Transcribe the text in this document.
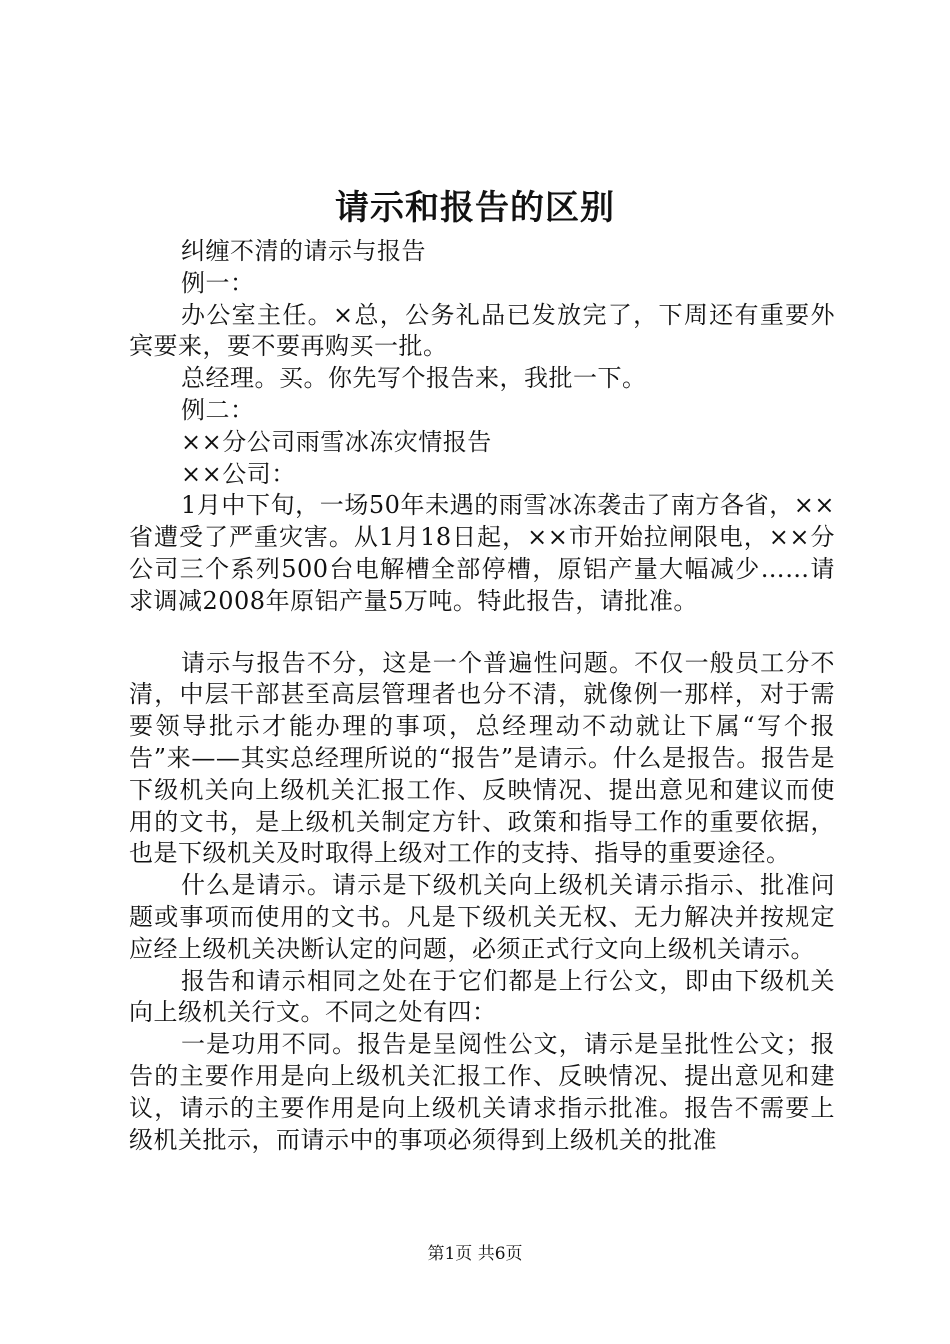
请示和报告的区别

纠缠不清的请示与报告

例一：

办公室主任。×总，公务礼品已发放完了，下周还有重要外宾要来，要不要再购买一批。

总经理。买。你先写个报告来，我批一下。

例二：

××分公司雨雪冰冻灾情报告

××公司：

1月中下旬，一场50年未遇的雨雪冰冻袭击了南方各省，××省遭受了严重灾害。从1月18日起，××市开始拉闸限电，××分公司三个系列500台电解槽全部停槽，原铝产量大幅减少……请求调减2008年原铝产量5万吨。特此报告，请批准。

请示与报告不分，这是一个普遍性问题。不仅一般员工分不清，中层干部甚至高层管理者也分不清，就像例一那样，对于需要领导批示才能办理的事项，总经理动不动就让下属“写个报告”来——其实总经理所说的“报告”是请示。什么是报告。报告是下级机关向上级机关汇报工作、反映情况、提出意见和建议而使用的文书，是上级机关制定方针、政策和指导工作的重要依据，也是下级机关及时取得上级对工作的支持、指导的重要途径。

什么是请示。请示是下级机关向上级机关请示指示、批准问题或事项而使用的文书。凡是下级机关无权、无力解决并按规定应经上级机关决断认定的问题，必须正式行文向上级机关请示。

报告和请示相同之处在于它们都是上行公文，即由下级机关向上级机关行文。不同之处有四：

一是功用不同。报告是呈阅性公文，请示是呈批性公文；报告的主要作用是向上级机关汇报工作、反映情况、提出意见和建议，请示的主要作用是向上级机关请求指示批准。报告不需要上级机关批示，而请示中的事项必须得到上级机关的批准

第1页 共6页
